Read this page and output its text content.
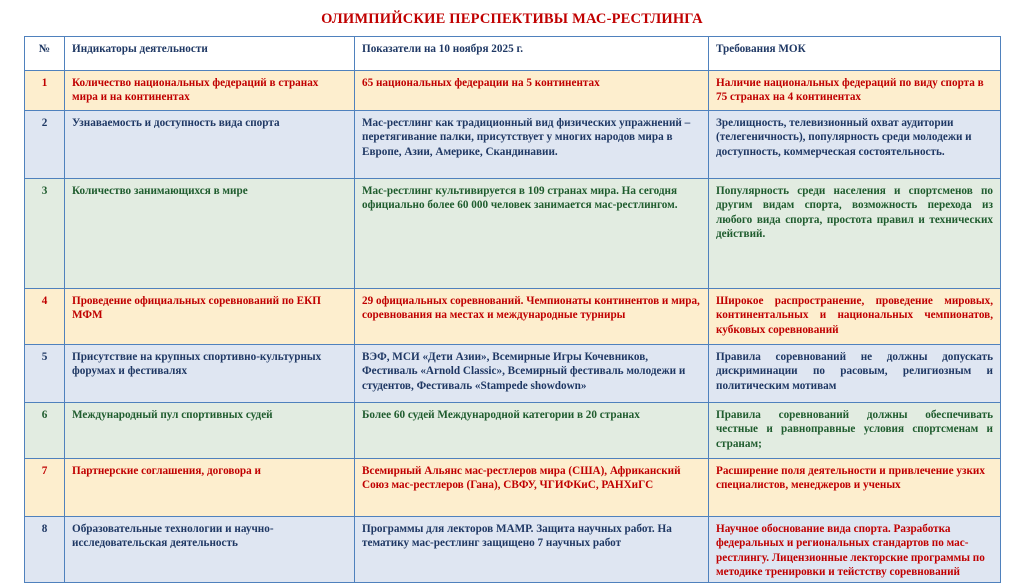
ОЛИМПИЙСКИЕ ПЕРСПЕКТИВЫ МАС-РЕСТЛИНГА
№	Индикаторы деятельности	Показатели на 10 ноября 2025 г.	Требования МОК
1	Количество национальных федераций в странах мира и на континентах	65 национальных федерации на 5 континентах	Наличие национальных федераций по виду спорта в 75 странах на 4 континентах
2	Узнаваемость и доступность вида спорта	Мас-рестлинг как традиционный вид физических упражнений – перетягивание палки, присутствует у многих народов мира в Европе, Азии, Америке, Скандинавии.	Зрелищность, телевизионный охват аудитории (телегеничность), популярность среди молодежи и доступность, коммерческая состоятельность.
3	Количество занимающихся в мире	Мас-рестлинг культивируется в 109 странах мира. На сегодня официально более 60 000 человек занимается мас-рестлингом.	Популярность среди населения и спортсменов по другим видам спорта, возможность перехода из любого вида спорта, простота правил и технических действий.
4	Проведение официальных соревнований по ЕКП МФМ	29 официальных соревнований. Чемпионаты континентов и мира, соревнования на местах и международные турниры	Широкое распространение, проведение мировых, континентальных и национальных чемпионатов, кубковых соревнований
5	Присутствие на крупных спортивно-культурных форумах и фестивалях	ВЭФ, МСИ «Дети Азии», Всемирные Игры Кочевников, Фестиваль «Arnold Classic», Всемирный фестиваль молодежи и студентов, Фестиваль «Stampede showdown»	Правила соревнований не должны допускать дискриминации по расовым, религиозным и политическим мотивам
6	Международный пул спортивных судей	Более 60 судей Международной категории в 20 странах	Правила соревнований должны обеспечивать честные и равноправные условия спортсменам и странам;
7	Партнерские соглашения, договора и	Всемирный Альянс мас-рестлеров мира (США), Африканский Союз мас-рестлеров (Гана), СВФУ, ЧГИФКиС, РАНХиГС	Расширение поля деятельности и привлечение узких специалистов, менеджеров и ученых
8	Образовательные технологии и научно-исследовательская деятельность	Программы для лекторов МАМР. Защита научных работ. На тематику мас-рестлинг защищено 7 научных работ	Научное обоснование вида спорта. Разработка федеральных и региональных стандартов по мас-рестлингу. Лицензионные лекторские программы по методике тренировки и тейстству соревнований
